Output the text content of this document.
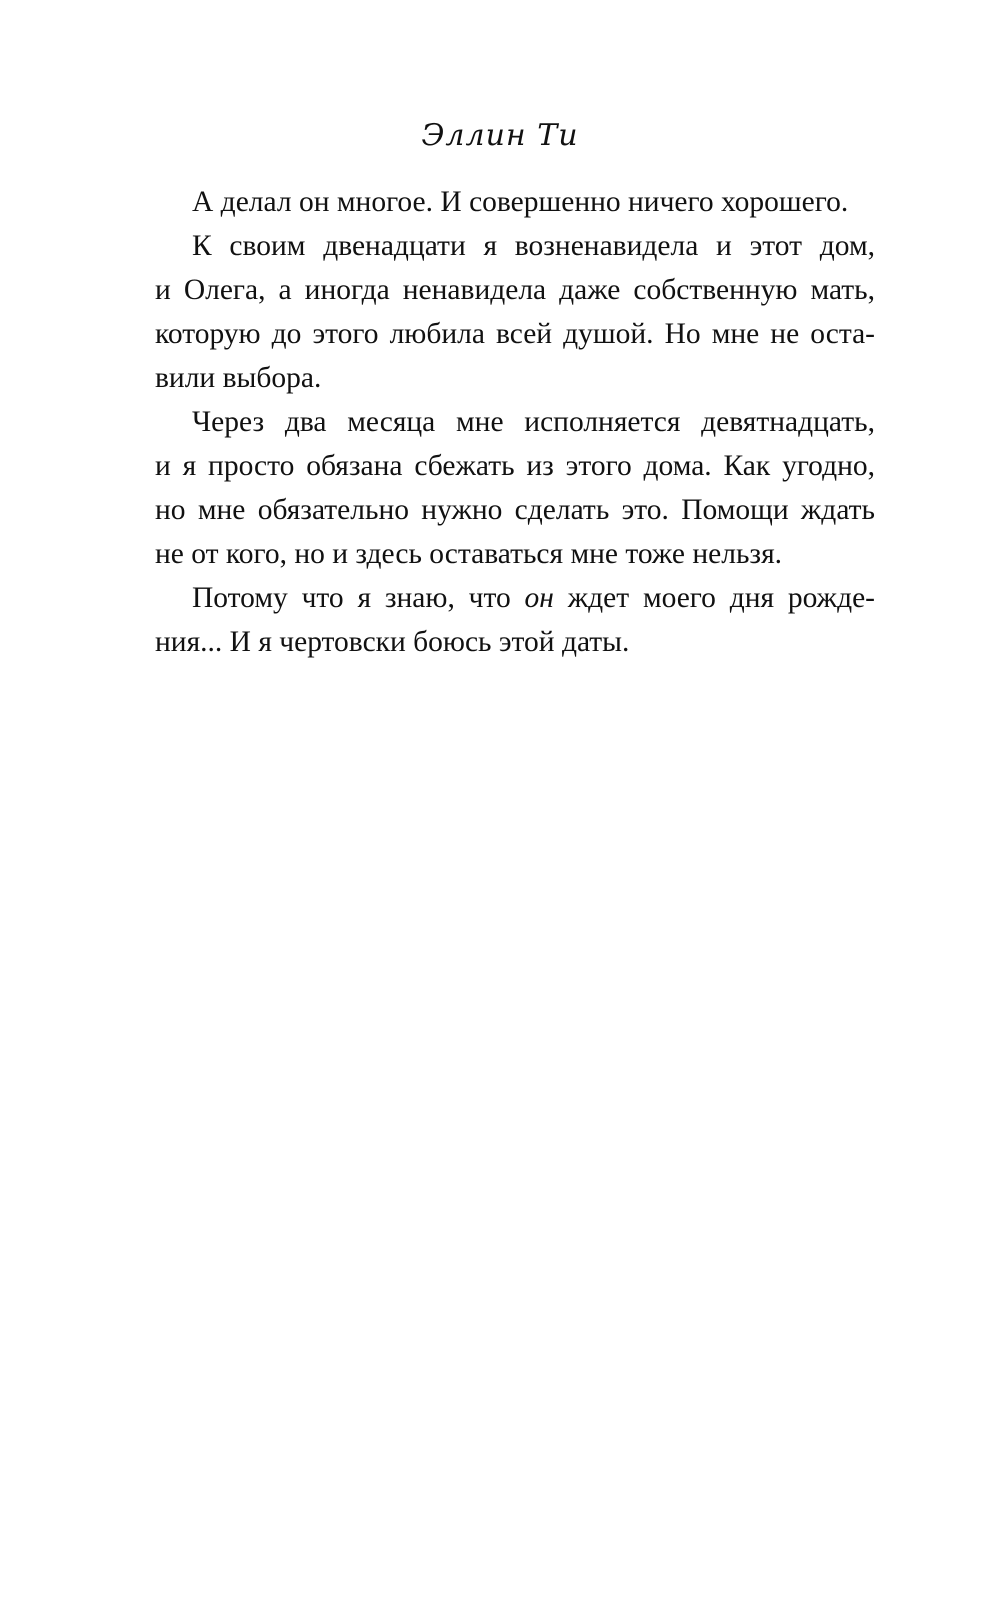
Эллин Ти
А делал он многое. И совершенно ничего хорошего.
К своим двенадцати я возненавидела и этот дом,
и Олега, а иногда ненавидела даже собственную мать,
которую до этого любила всей душой. Но мне не оста-
вили выбора.
Через два месяца мне исполняется девятнадцать,
и я просто обязана сбежать из этого дома. Как угодно,
но мне обязательно нужно сделать это. Помощи ждать
не от кого, но и здесь оставаться мне тоже нельзя.
Потому что я знаю, что он ждет моего дня рожде-
ния... И я чертовски боюсь этой даты.
